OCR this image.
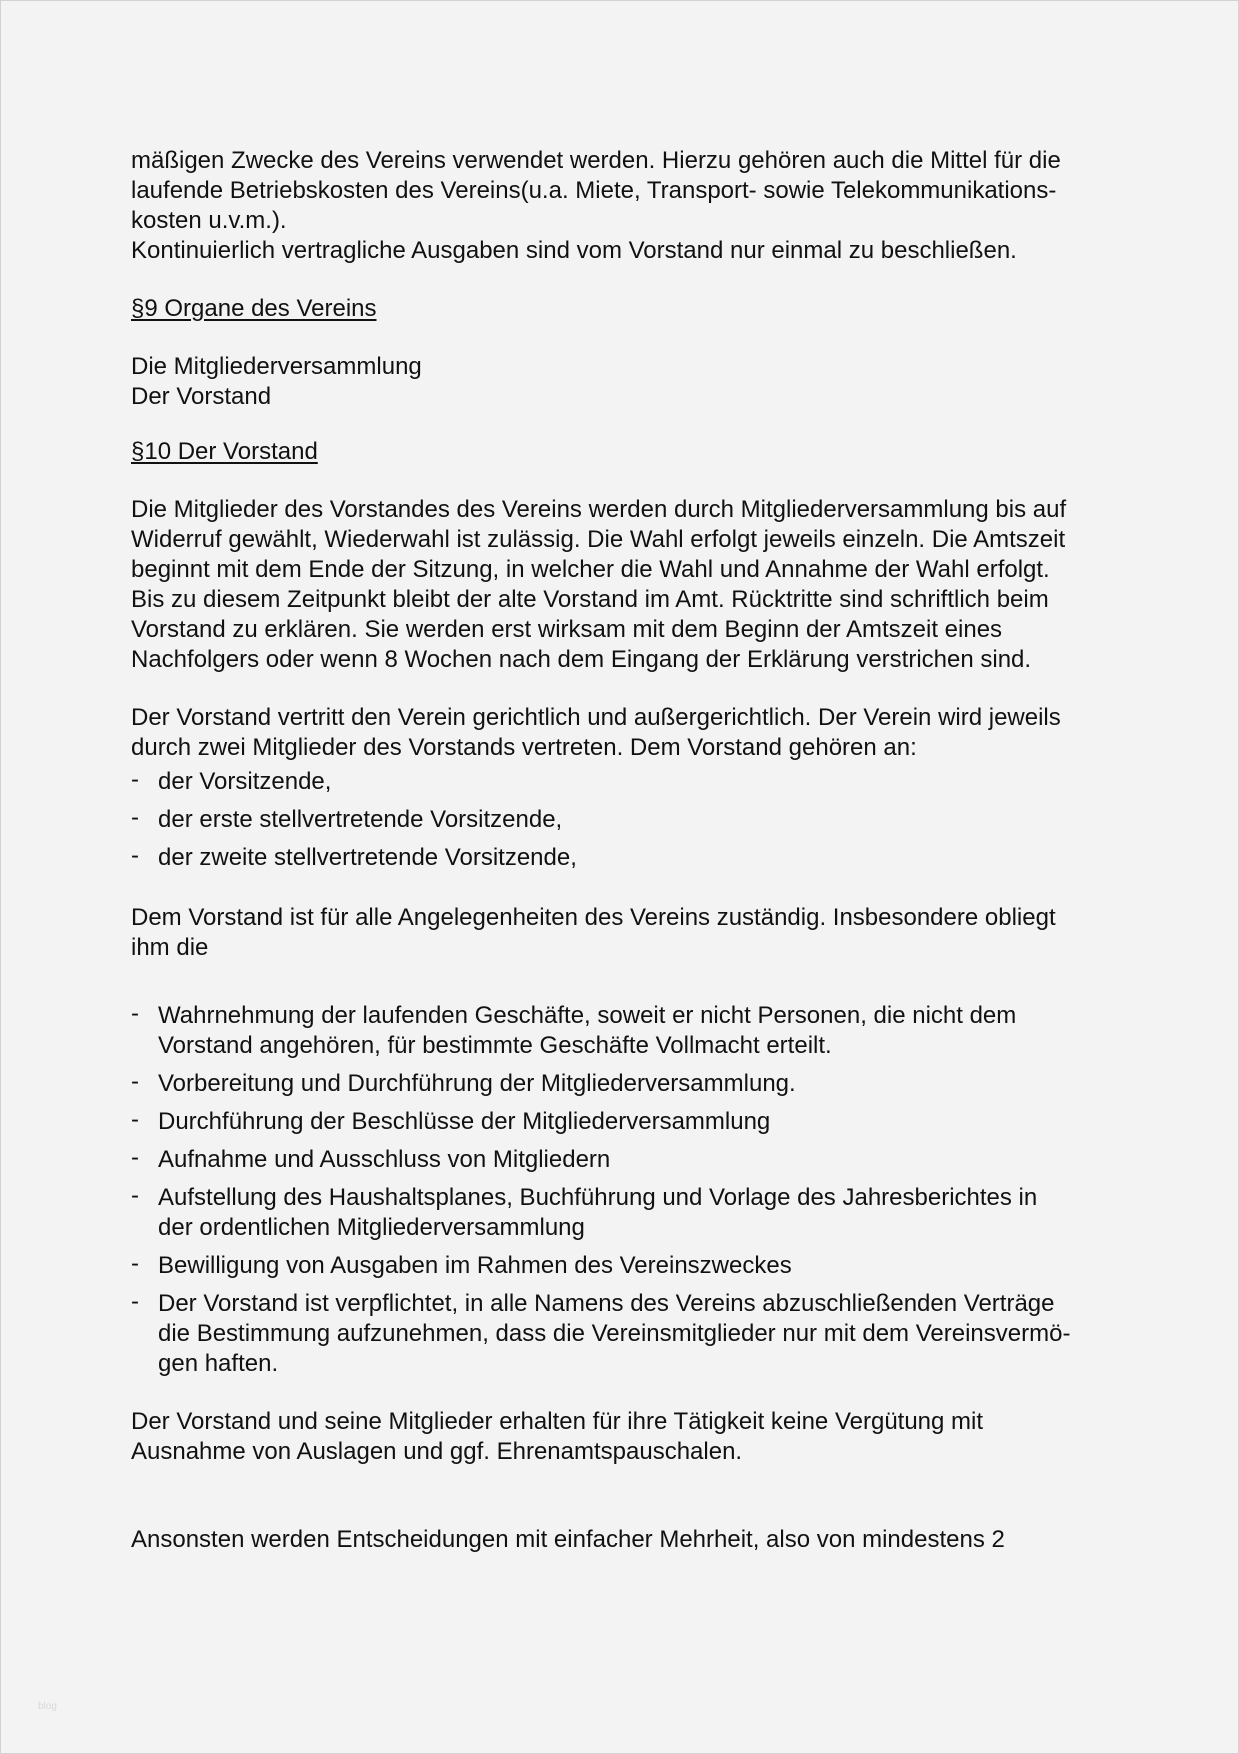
mäßigen Zwecke des Vereins verwendet werden. Hierzu gehören auch die Mittel für die
laufende Betriebskosten des Vereins(u.a. Miete, Transport- sowie Telekommunikations-
kosten u.v.m.).
Kontinuierlich vertragliche Ausgaben sind vom Vorstand nur einmal zu beschließen.

§9 Organe des Vereins

Die Mitgliederversammlung
Der Vorstand

§10 Der Vorstand

Die Mitglieder des Vorstandes des Vereins werden durch Mitgliederversammlung bis auf
Widerruf gewählt, Wiederwahl ist zulässig. Die Wahl erfolgt jeweils einzeln. Die Amtszeit
beginnt mit dem Ende der Sitzung, in welcher die Wahl und Annahme der Wahl erfolgt.
Bis zu diesem Zeitpunkt bleibt der alte Vorstand im Amt. Rücktritte sind schriftlich beim
Vorstand zu erklären. Sie werden erst wirksam mit dem Beginn der Amtszeit eines
Nachfolgers oder wenn 8 Wochen nach dem Eingang der Erklärung verstrichen sind.

Der Vorstand vertritt den Verein gerichtlich und außergerichtlich. Der Verein wird jeweils
durch zwei Mitglieder des Vorstands vertreten. Dem Vorstand gehören an:

- der Vorsitzende,
- der erste stellvertretende Vorsitzende,
- der zweite stellvertretende Vorsitzende,

Dem Vorstand ist für alle Angelegenheiten des Vereins zuständig. Insbesondere obliegt
ihm die

- Wahrnehmung der laufenden Geschäfte, soweit er nicht Personen, die nicht dem
Vorstand angehören, für bestimmte Geschäfte Vollmacht erteilt.
- Vorbereitung und Durchführung der Mitgliederversammlung.
- Durchführung der Beschlüsse der Mitgliederversammlung
- Aufnahme und Ausschluss von Mitgliedern
- Aufstellung des Haushaltsplanes, Buchführung und Vorlage des Jahresberichtes in
der ordentlichen Mitgliederversammlung
- Bewilligung von Ausgaben im Rahmen des Vereinszweckes
- Der Vorstand ist verpflichtet, in alle Namens des Vereins abzuschließenden Verträge
die Bestimmung aufzunehmen, dass die Vereinsmitglieder nur mit dem Vereinsvermö-
gen haften.

Der Vorstand und seine Mitglieder erhalten für ihre Tätigkeit keine Vergütung mit
Ausnahme von Auslagen und ggf. Ehrenamtspauschalen.

Ansonsten werden Entscheidungen mit einfacher Mehrheit, also von mindestens 2

blog
